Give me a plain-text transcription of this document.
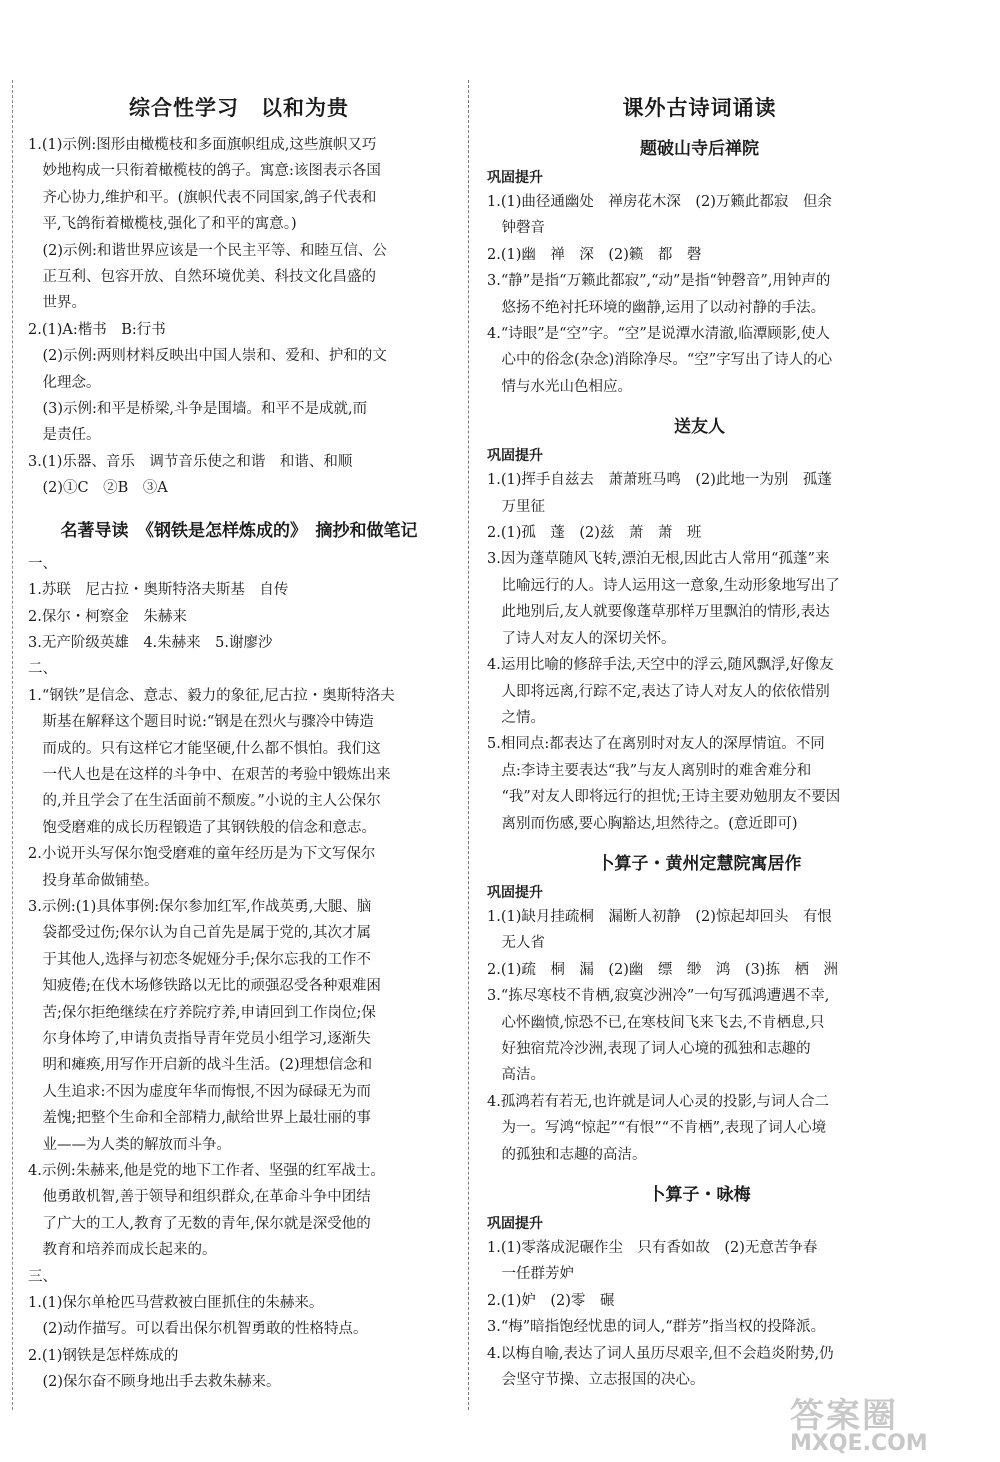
综合性学习　以和为贵

1.(1)示例:图形由橄榄枝和多面旗帜组成,这些旗帜又巧

　妙地构成一只衔着橄榄枝的鸽子。寓意:该图表示各国

　齐心协力,维护和平。(旗帜代表不同国家,鸽子代表和

　平,飞鸽衔着橄榄枝,强化了和平的寓意。)

　(2)示例:和谐世界应该是一个民主平等、和睦互信、公

　正互利、包容开放、自然环境优美、科技文化昌盛的

　世界。

2.(1)A:楷书　B:行书

　(2)示例:两则材料反映出中国人崇和、爱和、护和的文

　化理念。

　(3)示例:和平是桥梁,斗争是围墙。和平不是成就,而

　是责任。

3.(1)乐器、音乐　调节音乐使之和谐　和谐、和顺

　(2)①C　②B　③A

名著导读　《钢铁是怎样炼成的》　摘抄和做笔记

一、

1.苏联　尼古拉・奥斯特洛夫斯基　自传

2.保尔・柯察金　朱赫来

3.无产阶级英雄　4.朱赫来　5.谢廖沙

二、

1.“钢铁”是信念、意志、毅力的象征,尼古拉・奥斯特洛夫

　斯基在解释这个题目时说:“钢是在烈火与骤冷中铸造

　而成的。只有这样它才能坚硬,什么都不惧怕。我们这

　一代人也是在这样的斗争中、在艰苦的考验中锻炼出来

　的,并且学会了在生活面前不颓废。”小说的主人公保尔

　饱受磨难的成长历程锻造了其钢铁般的信念和意志。

2.小说开头写保尔饱受磨难的童年经历是为下文写保尔

　投身革命做铺垫。

3.示例:(1)具体事例:保尔参加红军,作战英勇,大腿、脑

　袋都受过伤;保尔认为自己首先是属于党的,其次才属

　于其他人,选择与初恋冬妮娅分手;保尔忘我的工作不

　知疲倦;在伐木场修铁路以无比的顽强忍受各种艰难困

　苦;保尔拒绝继续在疗养院疗养,申请回到工作岗位;保

　尔身体垮了,申请负责指导青年党员小组学习,逐渐失

　明和瘫痪,用写作开启新的战斗生活。(2)理想信念和

　人生追求:不因为虚度年华而悔恨,不因为碌碌无为而

　羞愧;把整个生命和全部精力,献给世界上最壮丽的事

　业——为人类的解放而斗争。

4.示例:朱赫来,他是党的地下工作者、坚强的红军战士。

　他勇敢机智,善于领导和组织群众,在革命斗争中团结

　了广大的工人,教育了无数的青年,保尔就是深受他的

　教育和培养而成长起来的。

三、

1.(1)保尔单枪匹马营救被白匪抓住的朱赫来。

　(2)动作描写。可以看出保尔机智勇敢的性格特点。

2.(1)钢铁是怎样炼成的

　(2)保尔奋不顾身地出手去救朱赫来。

课外古诗词诵读
题破山寺后禅院
巩固提升

1.(1)曲径通幽处　禅房花木深　(2)万籁此都寂　但余

　钟磬音

2.(1)幽　禅　深　(2)籁　都　磬

3.“静”是指“万籁此都寂”,“动”是指“钟磬音”,用钟声的

　悠扬不绝衬托环境的幽静,运用了以动衬静的手法。

4.“诗眼”是“空”字。“空”是说潭水清澈,临潭顾影,使人

　心中的俗念(杂念)消除净尽。“空”字写出了诗人的心

　情与水光山色相应。

送友人
巩固提升

1.(1)挥手自兹去　萧萧班马鸣　(2)此地一为别　孤蓬

　万里征

2.(1)孤　蓬　(2)兹　萧　萧　班

3.因为蓬草随风飞转,漂泊无根,因此古人常用“孤蓬”来

　比喻远行的人。诗人运用这一意象,生动形象地写出了

　此地别后,友人就要像蓬草那样万里飘泊的情形,表达

　了诗人对友人的深切关怀。

4.运用比喻的修辞手法,天空中的浮云,随风飘浮,好像友

　人即将远离,行踪不定,表达了诗人对友人的依依惜别

　之情。

5.相同点:都表达了在离别时对友人的深厚情谊。不同

　点:李诗主要表达“我”与友人离别时的难舍难分和

　“我”对友人即将远行的担忧;王诗主要劝勉朋友不要因

　离别而伤感,要心胸豁达,坦然待之。(意近即可)

卜算子・黄州定慧院寓居作
巩固提升

1.(1)缺月挂疏桐　漏断人初静　(2)惊起却回头　有恨

　无人省

2.(1)疏　桐　漏　(2)幽　缥　缈　鸿　(3)拣　栖　洲

3.“拣尽寒枝不肯栖,寂寞沙洲冷”一句写孤鸿遭遇不幸,

　心怀幽愤,惊恐不已,在寒枝间飞来飞去,不肯栖息,只

　好独宿荒冷沙洲,表现了词人心境的孤独和志趣的

　高洁。

4.孤鸿若有若无,也许就是词人心灵的投影,与词人合二

　为一。写鸿“惊起”“有恨”“不肯栖”,表现了词人心境

　的孤独和志趣的高洁。

卜算子・咏梅
巩固提升

1.(1)零落成泥碾作尘　只有香如故　(2)无意苦争春

　一任群芳妒

2.(1)妒　(2)零　碾

3.“梅”暗指饱经忧患的词人,“群芳”指当权的投降派。

4.以梅自喻,表达了词人虽历尽艰辛,但不会趋炎附势,仍

　会坚守节操、立志报国的决心。

答案圈
MXQE.COM
